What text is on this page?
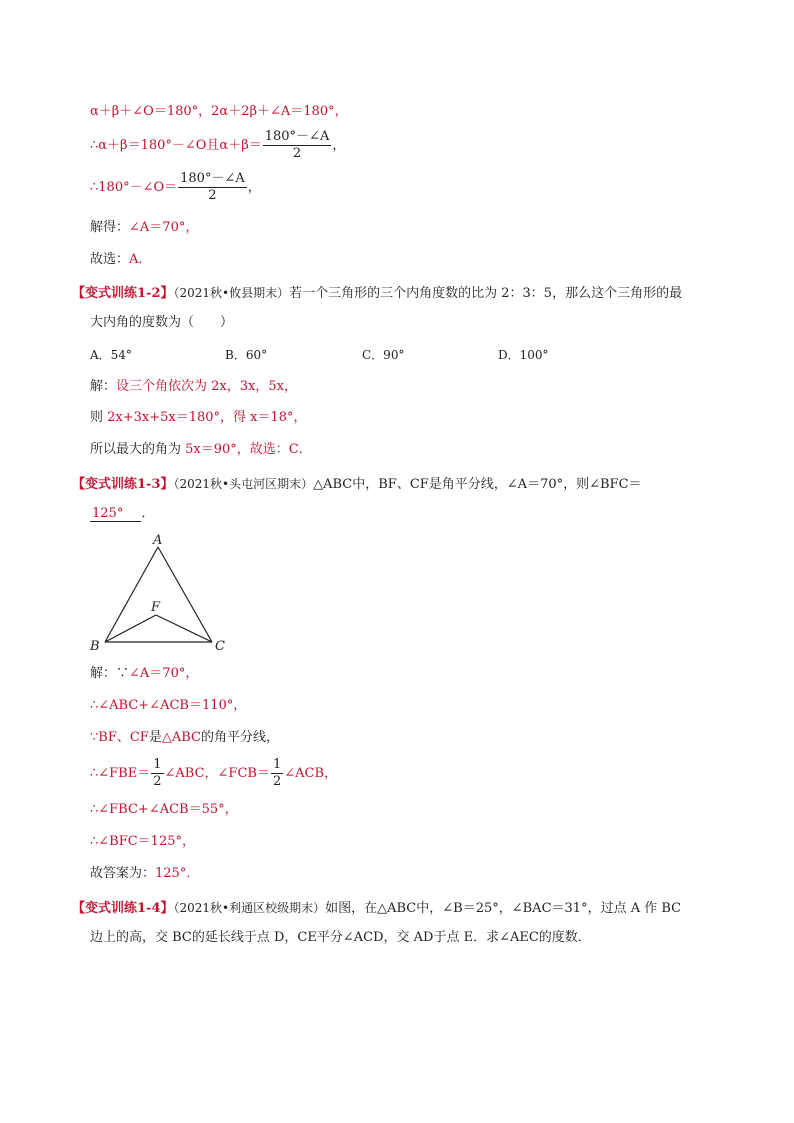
α＋β＋∠O＝180°，2α＋2β＋∠A＝180°，
∴α＋β＝180°－∠O且$\alpha+\beta= \frac{180^\circ-\angle A}{2}$ ，
∴180°－∠O＝ $\frac{180^\circ-\angle A}{2}$ ，
解得：∠A＝70°，
故选：A．
【变式训练1-2】（2021秋•攸县期末）若一个三角形的三个内角度数的比为 2：3：5，那么这个三角形的最
大内角的度数为（　　）
A．54°	B．60°	C．90°	D．100°
解：设三个角依次为 2x，3x，5x，
则 2x+3x+5x＝180°，得 x＝18°，
所以最大的角为 5x＝90°，故选：C．
【变式训练1-3】（2021秋•头屯河区期末）△ABC中，BF、CF是角平分线，∠A＝70°，则∠BFC＝
125° ．
A
B	C
F
解：∵∠A＝70°，
∴∠ABC+∠ACB＝110°，
∵BF、CF是△ABC的角平分线，
∴∠FBE＝ $\frac{1}{2}$ ∠ABC，∠FCB＝ $\frac{1}{2}$ ∠ACB，
∴∠FBC+∠ACB＝55°，
∴∠BFC＝125°，
故答案为：125°．
【变式训练1-4】（2021秋•利通区校级期末）如图，在△ABC中，∠B＝25°，∠BAC＝31°，过点 A 作 BC
边上的高，交 BC的延长线于点 D，CE平分∠ACD，交 AD于点 E．求∠AEC的度数．
